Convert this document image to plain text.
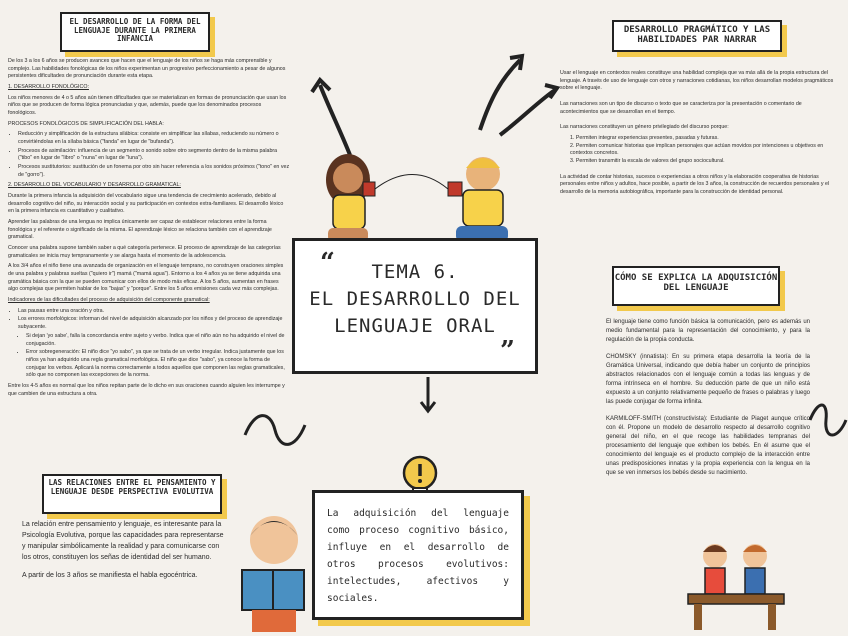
EL DESARROLLO DE LA FORMA DEL LENGUAJE DURANTE LA PRIMERA INFANCIA

De los 3 a los 6 años se producen avances que hacen que el lenguaje de los niños se haga más comprensible y complejo. Las habilidades fonológicas de los niños experimentan un progresivo perfeccionamiento a pesar de algunos persistentes dificultades de pronunciación durante esta etapa.

1. DESARROLLO FONOLÓGICO:

Los niños menores de 4 o 5 años aún tienen dificultades que se materializan en formas de pronunciación que usan los niños que se producen de forma lógica pronunciadas y que, además, puede que los denominados procesos fonológicos.

PROCESOS FONOLÓGICOS DE SIMPLIFICACIÓN DEL HABLA:

• Reducción y simplificación de la estructura silábica: consiste en simplificar las sílabas, reduciendo su número o convirtiéndolas en la sílaba básica ("fanda" en lugar de "bufanda").
• Procesos de asimilación: influencia de un segmento o sonido sobre otro segmento dentro de la misma palabra ("tibo" en lugar de "libro" o "nuna" en lugar de "luna").
• Procesos sustitutorios: sustitución de un fonema por otro sin hacer referencia a los sonidos próximos ("tono" en vez de "gorro").

2. DESARROLLO DEL VOCABULARIO Y DESARROLLO GRAMATICAL:

Durante la primera infancia la adquisición del vocabulario sigue una tendencia de crecimiento acelerado, debido al desarrollo cognitivo del niño, su interacción social y su participación en contextos extra-familiares. El desarrollo léxico en la primera infancia es cuantitativo y cualitativo.

Aprender las palabras de una lengua no implica únicamente ser capaz de establecer relaciones entre la forma fonológica y el referente o significado de la misma. El aprendizaje léxico se relaciona también con el aprendizaje gramatical.

Conocer una palabra supone también saber a qué categoría pertenece. El proceso de aprendizaje de las categorías gramaticales se inicia muy tempranamente y se alarga hasta el momento de la adolescencia.

A los 3/4 años el niño tiene una avanzada de organización en el lenguaje temprano, no construyen oraciones simples de una palabra y palabras sueltas ("quiero ir") mamá ("mamá agua"). Entorno a los 4 años ya se tiene adquirida una gramática básica con la que se pueden comunicar con ellos de modo más eficaz. A los 5 años, aumentan en frases algo complejas que permiten hablar de los "bajas" y "porque". Entre los 5 años emisiones cada vez más complejas.

Indicadores de las dificultades del proceso de adquisición del componente gramatical:

• Las pausas entre una oración y otra.
• Los errores morfológicos: informan del nivel de adquisición alcanzado por los niños y del proceso de aprendizaje subyacente.
• Si dejan 'yo sabe', falla la concordancia entre sujeto y verbo. Indica que el niño aún no ha adquirido el nivel de conjugación.
• Error sobregeneración: El niño dice "yo sabo", ya que se trata de un verbo irregular. Indica justamente que los niños ya han adquirido una regla gramatical morfológica. El niño que dice "sabo", ya conoce la forma de conjugar los verbos. Aplicará la norma correctamente a todos aquellos que componen las reglas gramaticales, sólo que no componen las excepciones de la norma.

Entre los 4-5 años es normal que los niños repitan parte de lo dicho en sus oraciones cuando alguien les interrumpe y que cambien de una estructura a otra.

LAS RELACIONES ENTRE EL PENSAMIENTO Y LENGUAJE DESDE PERSPECTIVA EVOLUTIVA

La relación entre pensamiento y lenguaje, es interesante para la Psicología Evolutiva, porque las capacidades para representarse y manipular simbólicamente la realidad y para comunicarse con los otros, constituyen los señas de identidad del ser humano.

A partir de los 3 años se manifiesta el habla egocéntrica.

DESARROLLO PRAGMÁTICO Y LAS HABILIDADES PAR NARRAR

Usar el lenguaje en contextos reales constituye una habilidad compleja que va más allá de la propia estructura del lenguaje. A través de uso de lenguaje con otros y narraciones cotidianas, los niños desarrollan modelos pragmáticos sobre el lenguaje.

Las narraciones son un tipo de discurso o texto que se caracteriza por la presentación o comentario de acontecimientos que se desarrollan en el tiempo.

Las narraciones constituyen un género privilegiado del discurso porque:

1. Permiten integrar experiencias presentes, pasadas y futuras.
2. Permiten comunicar historias que implican personajes que actúan movidos por intenciones u objetivos en contextos concretos.
3. Permiten transmitir la escala de valores del grupo sociocultural.

La actividad de contar historias, sucesos o experiencias a otros niños y la elaboración cooperativa de historias personales entre niños y adultos, hace posible, a partir de los 3 años, la construcción de recuerdos personales y el desarrollo de la memoria autobiográfica, importante para la construcción de identidad personal.

CÓMO SE EXPLICA LA ADQUISICIÓN DEL LENGUAJE

El lenguaje tiene como función básica la comunicación, pero es además un medio fundamental para la representación del conocimiento, y para la regulación de la propia conducta.

CHOMSKY (innatista): En su primera etapa desarrolla la teoría de la Gramática Universal, indicando que debía haber un conjunto de principios abstractos relacionados con el lenguaje común a todas las lenguas y de forma intrínseca en el hombre. Su deducción parte de que un niño está expuesto a un conjunto relativamente pequeño de frases o palabras y luego las puede conjugar de forma infinita.

KARMILOFF-SMITH (constructivista): Estudiante de Piaget aunque crítico con él. Propone un modelo de desarrollo respecto al desarrollo cognitivo general del niño, en el que recoge las habilidades tempranas del procesamiento del lenguaje que exhiben los bebés. En él asume que el conocimiento del lenguaje es el producto complejo de la interacción entre unas predisposiciones innatas y la propia experiencia con la lengua en la que se ven inmersos los bebés desde su nacimiento.

TEMA 6.
EL DESARROLLO DEL
LENGUAJE ORAL
“
”
La adquisición del lenguaje como proceso cognitivo básico, influye en el desarrollo de otros procesos evolutivos: intelectudes, afectivos y sociales.
